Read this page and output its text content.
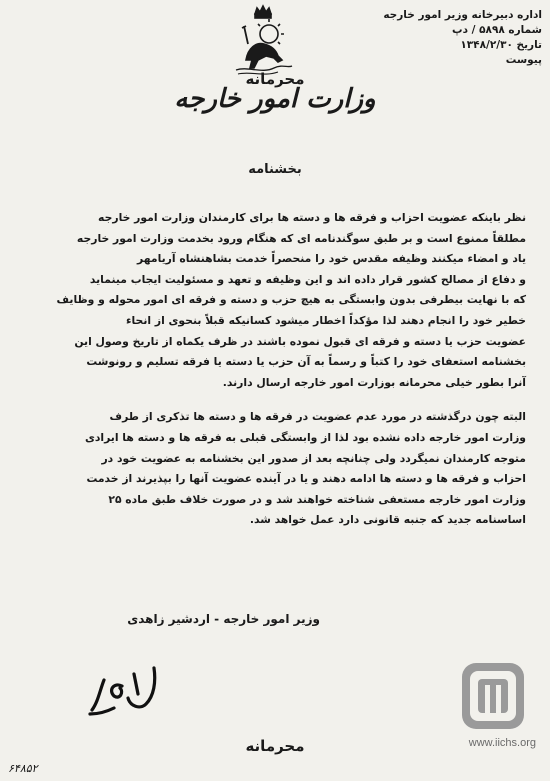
اداره دبیرخانه وزیر امور خارجه
شماره ۵۸۹۸ / دپ
تاریخ ۱۳۴۸/۲/۳۰
پیوست
محرمانه
وزارت امور خارجه
بخشنامه

نظر باینکه عضویت احزاب و فرقه ها و دسته ها برای کارمندان وزارت امور خارجه
مطلقاً ممنوع است و بر طبق سوگندنامه ای که هنگام ورود بخدمت وزارت امور خارجه
یاد و امضاء میکنند وظیفه مقدس خود را منحصراً خدمت بشاهنشاه آریامهر
و دفاع از مصالح کشور قرار داده اند و این وظیفه و تعهد و مسئولیت ایجاب مینماید
که با نهایت بیطرفی بدون وابستگی به هیچ حزب و دسته و فرقه ای امور محوله و وظایف
خطیر خود را انجام دهند لذا مؤکداً اخطار میشود کسانیکه قبلاً بنحوی از انحاء
عضویت حزب یا دسته و فرقه ای قبول نموده باشند در ظرف یکماه از تاریخ وصول این
بخشنامه استعفای خود را کتباً و رسماً به آن حزب یا دسته یا فرقه تسلیم و رونوشت
آنرا بطور خیلی محرمانه بوزارت امور خارجه ارسال دارند.

البته چون درگذشته در مورد عدم عضویت در فرقه ها و دسته ها تذکری از طرف
وزارت امور خارجه داده نشده بود لذا از وابستگی قبلی به فرقه ها و دسته ها ایرادی
متوجه کارمندان نمیگردد ولی چنانچه بعد از صدور این بخشنامه به عضویت خود در
احزاب و فرقه ها و دسته ها ادامه دهند و یا در آینده عضویت آنها را بپذیرند از خدمت
وزارت امور خارجه مستعفی شناخته خواهند شد و در صورت خلاف طبق ماده ۲۵
اساسنامه جدید که جنبه قانونی دارد عمل خواهد شد.

وزیر امور خارجه - اردشیر زاهدی
محرمانه	www.iichs.org
۶۴۸۵۲
